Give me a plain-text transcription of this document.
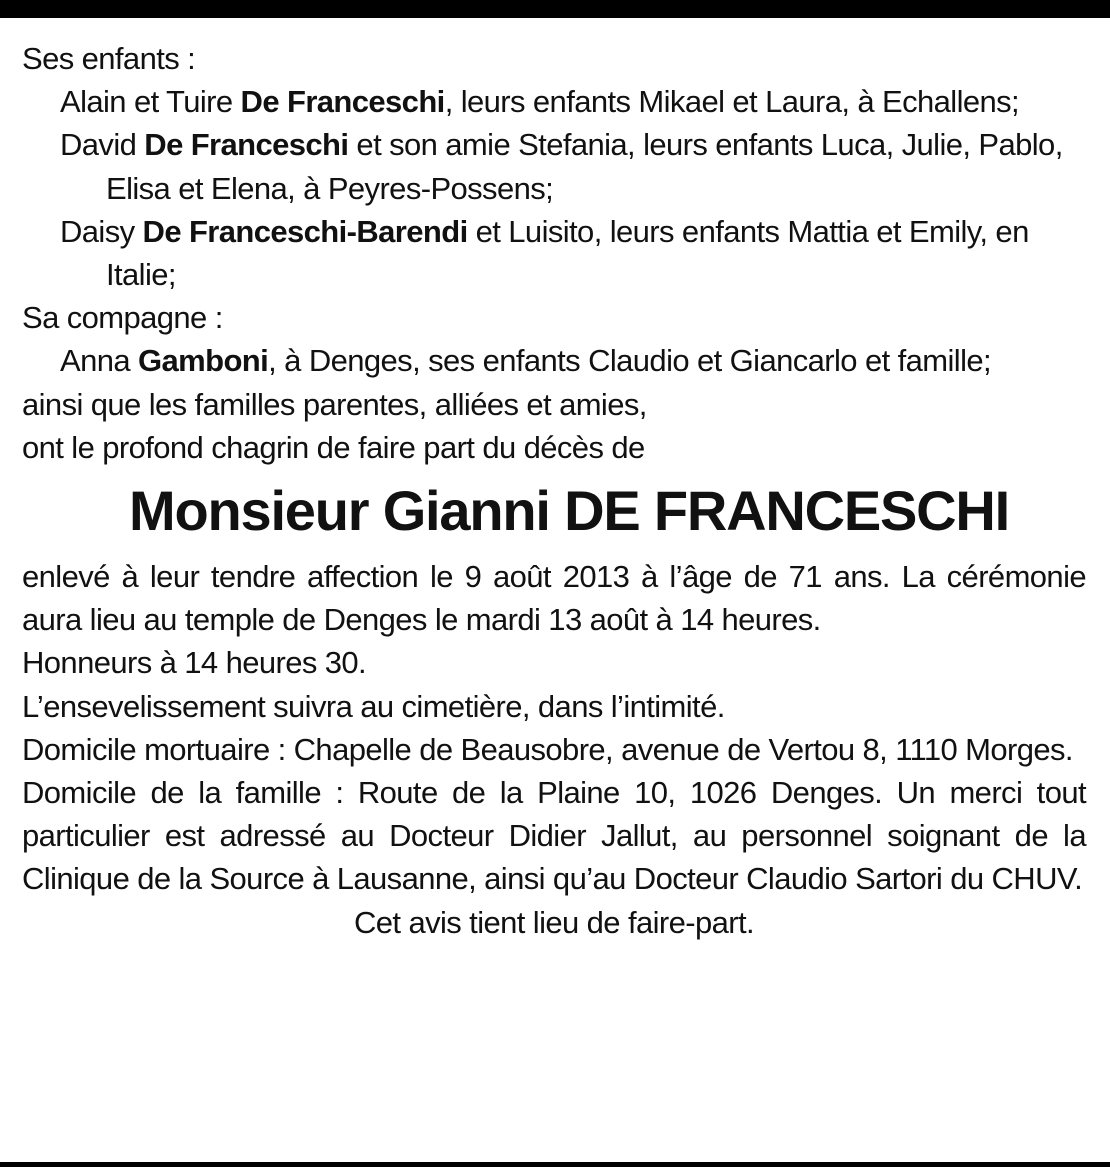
Ses enfants :
Alain et Tuire De Franceschi, leurs enfants Mikael et Laura, à Echallens;
David De Franceschi et son amie Stefania, leurs enfants Luca, Julie, Pablo, Elisa et Elena, à Peyres-Possens;
Daisy De Franceschi-Barendi et Luisito, leurs enfants Mattia et Emily, en Italie;
Sa compagne :
Anna Gamboni, à Denges, ses enfants Claudio et Giancarlo et famille;
ainsi que les familles parentes, alliées et amies,
ont le profond chagrin de faire part du décès de
Monsieur Gianni DE FRANCESCHI
enlevé à leur tendre affection le 9 août 2013 à l’âge de 71 ans. La cérémonie aura lieu au temple de Denges le mardi 13 août à 14 heures.
Honneurs à 14 heures 30.
L’ensevelissement suivra au cimetière, dans l’intimité.
Domicile mortuaire : Chapelle de Beausobre, avenue de Vertou 8, 1110 Morges.
Domicile de la famille : Route de la Plaine 10, 1026 Denges. Un merci tout particulier est adressé au Docteur Didier Jallut, au personnel soignant de la Clinique de la Source à Lausanne, ainsi qu’au Docteur Claudio Sartori du CHUV.
Cet avis tient lieu de faire-part.
